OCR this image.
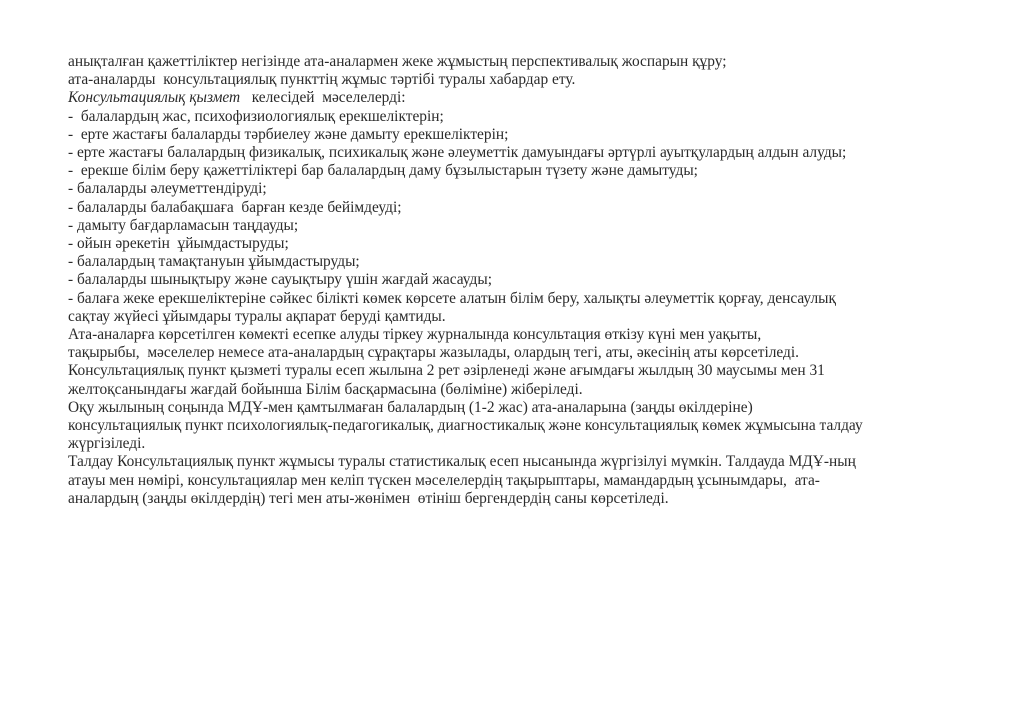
анықталған қажеттіліктер негізінде ата-аналармен жеке жұмыстың перспективалық жоспарын құру;

ата-аналарды  консультациялық пункттің жұмыс тәртібі туралы хабардар ету.

Консультациялық қызмет   келесідей  мәселелерді:

-  балалардың жас, психофизиологиялық ерекшеліктерін;

-  ерте жастағы балаларды тәрбиелеу және дамыту ерекшеліктерін;

- ерте жастағы балалардың физикалық, психикалық және әлеуметтік дамуындағы әртүрлі ауытқулардың алдын алуды;

-  ерекше білім беру қажеттіліктері бар балалардың даму бұзылыстарын түзету және дамытуды;

- балаларды әлеуметтендіруді;

- балаларды балабақшаға  барған кезде бейімдеуді;

- дамыту бағдарламасын таңдауды;

- ойын әрекетін  ұйымдастыруды;

- балалардың тамақтануын ұйымдастыруды;

- балаларды шынықтыру және сауықтыру үшін жағдай жасауды;

- балаға жеке ерекшеліктеріне сәйкес білікті көмек көрсете алатын білім беру, халықты әлеуметтік қорғау, денсаулық

сақтау жүйесі ұйымдары туралы ақпарат беруді қамтиды.

Ата-аналарға көрсетілген көмекті есепке алуды тіркеу журналында консультация өткізу күні мен уақыты,

тақырыбы,  мәселелер немесе ата-аналардың сұрақтары жазылады, олардың тегі, аты, әкесінің аты көрсетіледі.

Консультациялық пункт қызметі туралы есеп жылына 2 рет әзірленеді және ағымдағы жылдың 30 маусымы мен 31

желтоқсанындағы жағдай бойынша Білім басқармасына (бөліміне) жіберіледі.

Оқу жылының соңында МДҰ-мен қамтылмаған балалардың (1-2 жас) ата-аналарына (заңды өкілдеріне)

консультациялық пункт психологиялық-педагогикалық, диагностикалық және консультациялық көмек жұмысына талдау

жүргізіледі.

Талдау Консультациялық пункт жұмысы туралы статистикалық есеп нысанында жүргізілуі мүмкін. Талдауда МДҰ-ның

атауы мен нөмірі, консультациялар мен келіп түскен мәселелердің тақырыптары, мамандардың ұсынымдары,  ата-

аналардың (заңды өкілдердің) тегі мен аты-жөнімен  өтініш бергендердің саны көрсетіледі.
